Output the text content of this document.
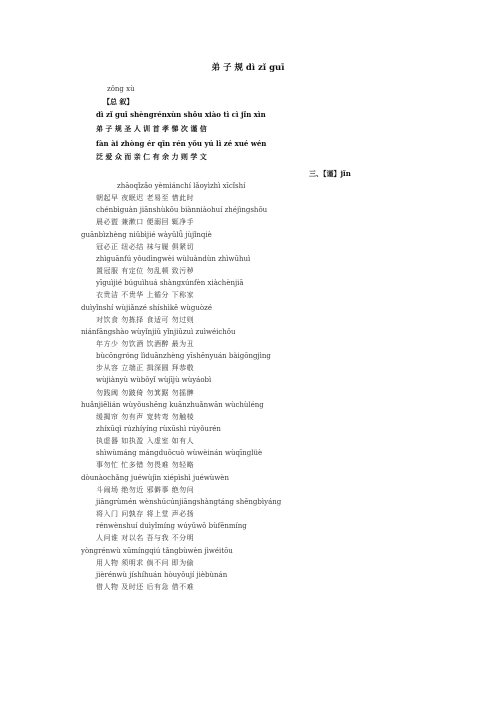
弟 子 规 dì zǐ guī
zǒng xù
【总 叙】
dì zǐ guī shèngrénxùn shǒu xiào tì cì jǐn xìn
弟 子 规 圣 人 训 首 孝 悌 次 谨 信
fàn ài zhòng ér qīn rén yǒu yú lì zé xué wén
泛 爱 众 而 亲 仁 有 余 力 则 学 文
三、【谨】jǐn
zhāoqǐzǎo yèmiánchí lǎoyìzhì xīcǐshí
朝起早 夜眠迟 老易至 惜此时
chénbìguàn jiānshùkǒu biànniàohuí zhéjìngshǒu
晨必盥 兼漱口 便溺回 辄净手
guānbìzhèng niǔbìjié wàyǔlǚ jùjǐnqiè
冠必正 纽必结 袜与履 俱紧切
zhìguānfú yǒudìngwèi wùluàndùn zhìwūhuì
置冠服 有定位 勿乱顿 致污秽
yīguìjié búguìhuá shàngxúnfèn xiàchènjiā
衣贵洁 不贵华 上循分 下称家
duìyǐnshí wùjiǎnzé shíshìkě wùguòzé
对饮食 勿拣择 食适可 勿过则
niánfāngshào wùyǐnjiǔ yǐnjiǔzuì zuìwéichǒu
年方少 勿饮酒 饮酒醉 最为丑
bùcōngróng lìduānzhèng yīshēnyuán bàigōngjìng
步从容 立端正 揖深圆 拜恭敬
wùjiànyù wùbǒyǐ wùjījù wùyáobì
勿践阈 勿跛倚 勿箕踞 勿摇髀
huǎnjiēlián wùyǒushēng kuānzhuǎnwān wùchùléng
缓揭帘 勿有声 宽转弯 勿触棱
zhíxūqì rúzhíyíng rùxūshì rúyǒurén
执虚器 如执盈 入虚室 如有人
shìwùmáng mángduōcuò wùwèinán wùqīnglüè
事勿忙 忙多错 勿畏难 勿轻略
dòunàochǎng juéwùjìn xiépìshì juéwùwèn
斗闹场 绝勿近 邪僻事 绝勿问
jiāngrùmén wènshúcúnjiāngshàngtáng shēngbìyáng
将入门 问孰存 将上堂 声必扬
rénwènshuí duìyǐmíng wúyǔwǒ bùfēnmíng
人问谁 对以名 吾与我 不分明
yòngrénwù xūmíngqiú tǎngbùwèn jìwéitōu
用人物 须明求 倘不问 即为偷
jièrénwù jíshíhuán hòuyǒují jièbùnán
借人物 及时还 后有急 借不难
